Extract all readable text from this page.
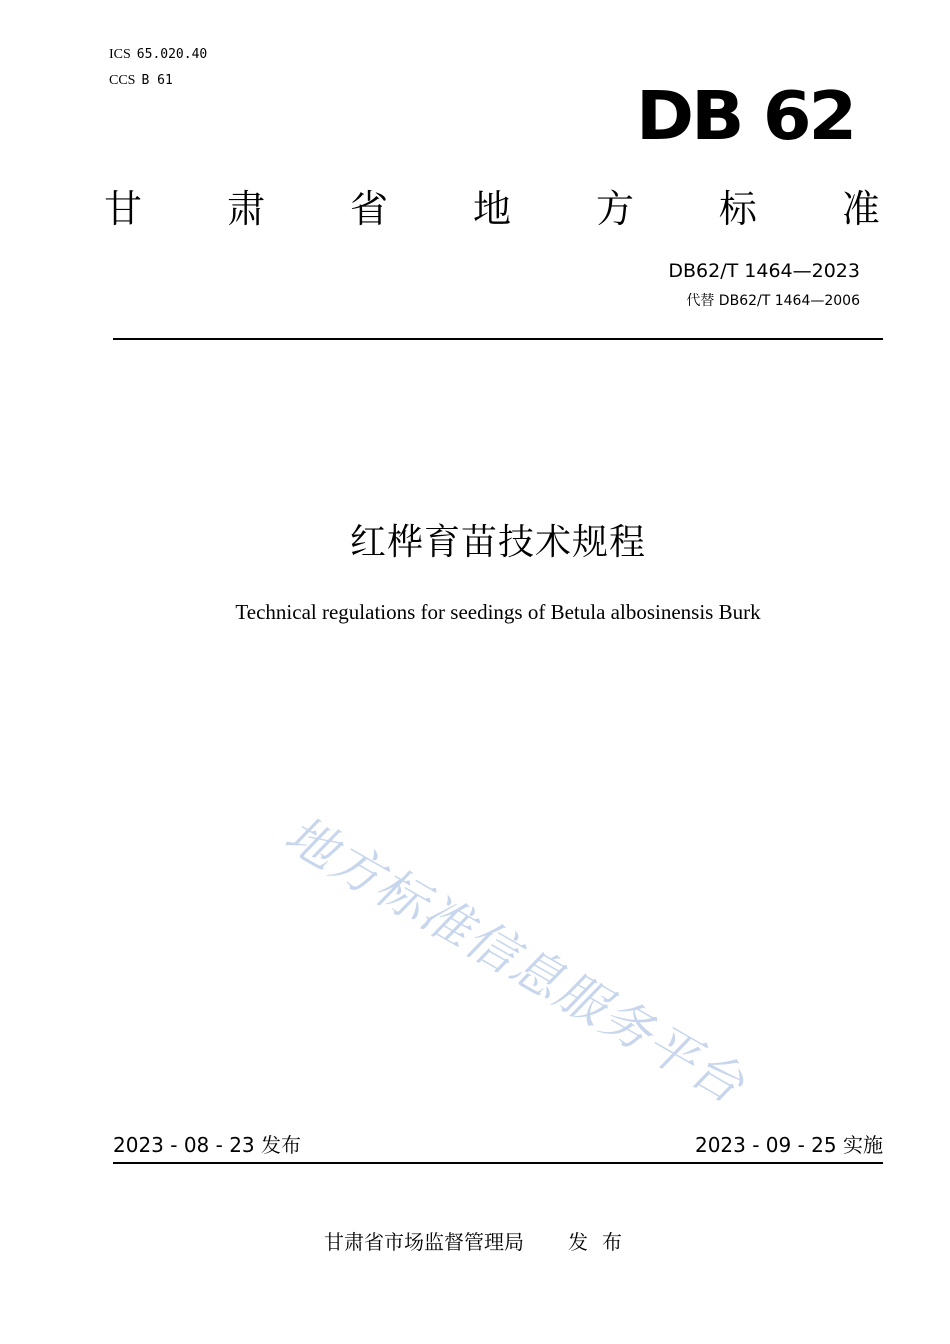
ICS 65.020.40
CCS B 61	DB 62
甘 肃 省 地 方 标 准
DB62/T 1464—2023
代替 DB62/T 1464—2006
红桦育苗技术规程
Technical regulations for seedings of Betula albosinensis Burk
地方标准信息服务平台
2023 - 08 - 23 发布	2023 - 09 - 25 实施
甘肃省市场监督管理局 发布
